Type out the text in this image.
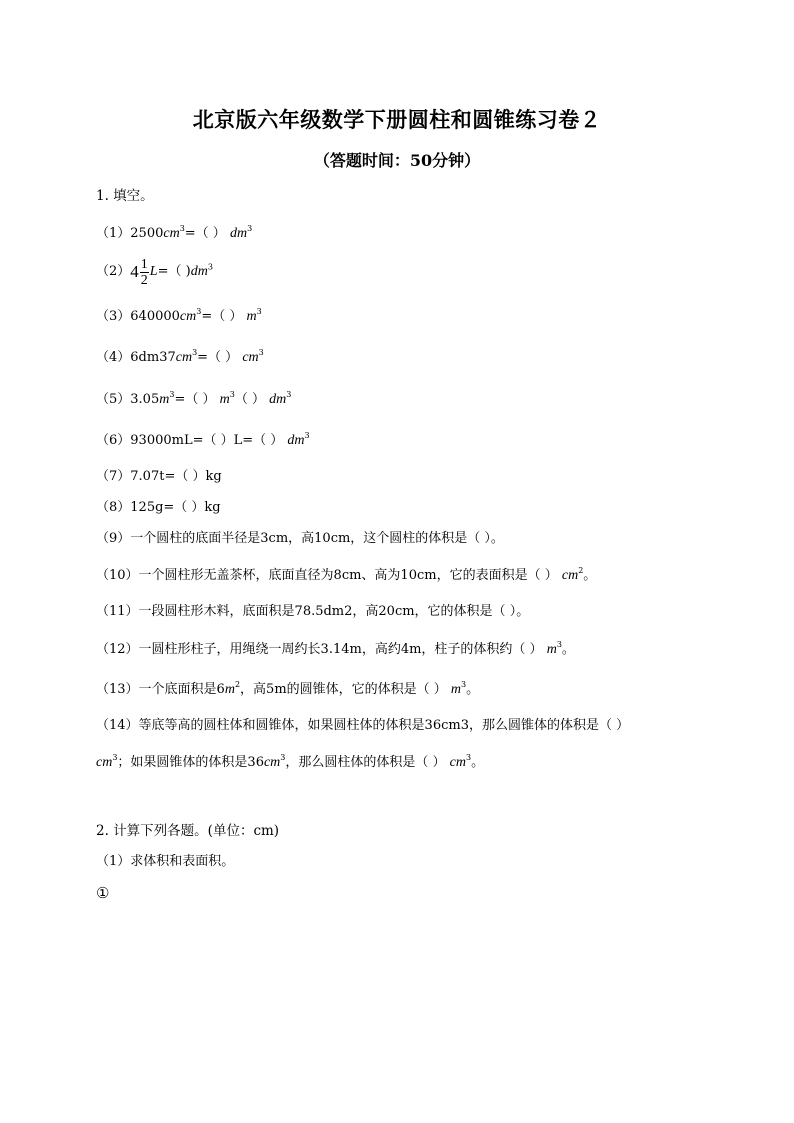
北京版六年级数学下册圆柱和圆锥练习卷２
（答题时间：50分钟）
1. 填空。
$(1)2500cm^3=$（ ） $dm^3$
$(2)4 \frac{1}{2} L=$（ )$dm^3$
$(3)640000cm^3=$（ ） $m^3$
$(4)6dm37cm^3=$（ ） $cm^3$
$(5)3.05m^3=$（ ） $m^3$（ ） $dm^3$
（6）93000mL=（ ）L=（ ） $dm^3$
（7）7.07t=（ ）kg
（8）125g=（ ）kg
（9）一个圆柱的底面半径是3cm，高10cm，这个圆柱的体积是（ ）。
（10）一个圆柱形无盖茶杯，底面直径为8cm、高为10cm，它的表面积是（ ） $cm^2$。
（11）一段圆柱形木料，底面积是78.5dm2，高20cm，它的体积是（ ）。
（12）一圆柱形柱子，用绳绕一周约长3.14m，高约4m，柱子的体积约（ ） $m^3$。
（13）一个底面积是$6m^2$，高5m的圆锥体，它的体积是（ ） $m^3$。
（14）等底等高的圆柱体和圆锥体，如果圆柱体的体积是36cm3，那么圆锥体的体积是（ ）
$cm^3$；如果圆锥体的体积是$36cm^3$，那么圆柱体的体积是（ ） $cm^3$。
2. 计算下列各题。(单位：cm)
（1）求体积和表面积。
①
